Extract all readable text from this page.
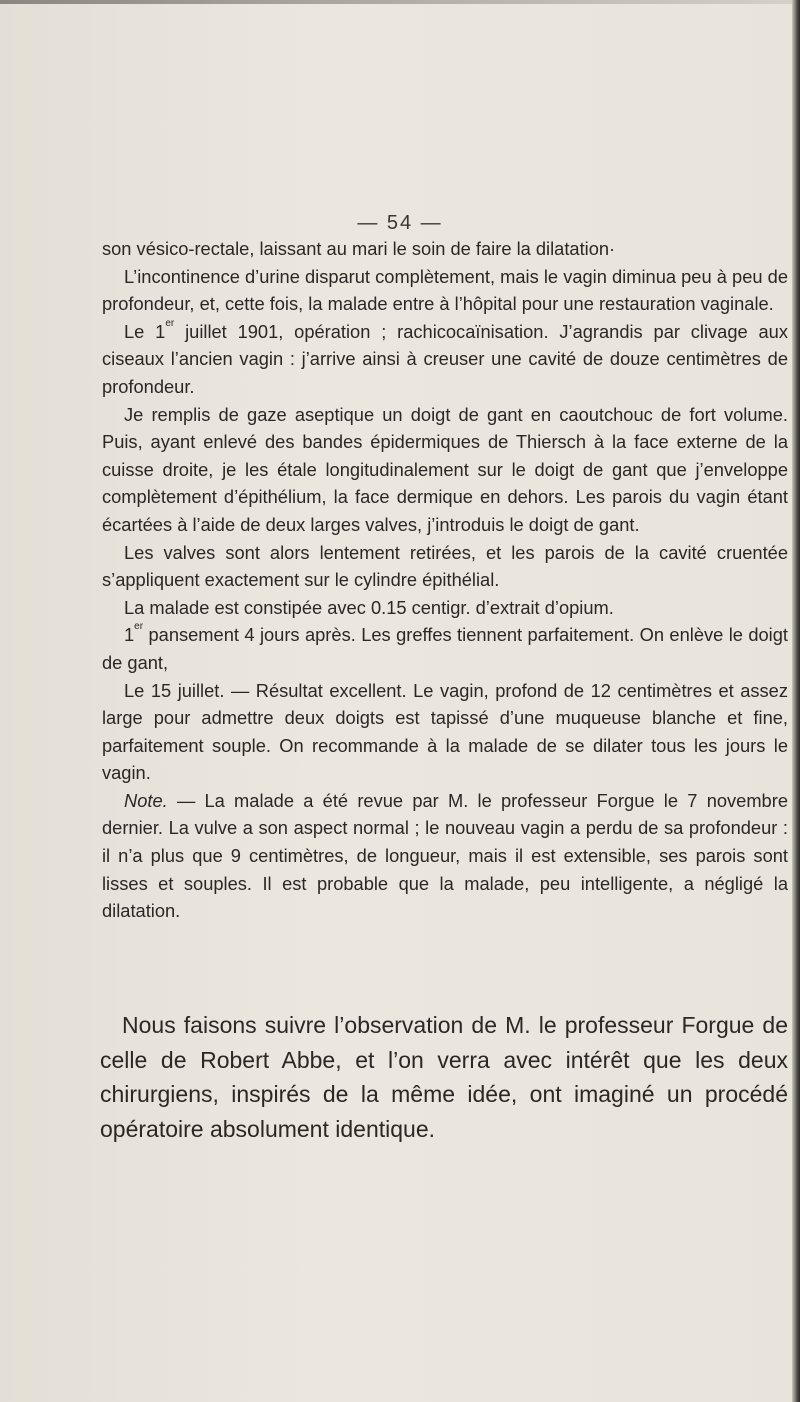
— 54 —

son vésico-rectale, laissant au mari le soin de faire la dilatation·

L’incontinence d’urine disparut complètement, mais le vagin diminua peu à peu de profondeur, et, cette fois, la malade entre à l’hôpital pour une restauration vaginale.

Le 1er juillet 1901, opération ; rachicocaïnisation. J’agrandis par clivage aux ciseaux l’ancien vagin : j’arrive ainsi à creuser une cavité de douze centimètres de profondeur.

Je remplis de gaze aseptique un doigt de gant en caoutchouc de fort volume. Puis, ayant enlevé des bandes épidermiques de Thiersch à la face externe de la cuisse droite, je les étale longitudinalement sur le doigt de gant que j’enveloppe complètement d’épithélium, la face dermique en dehors. Les parois du vagin étant écartées à l’aide de deux larges valves, j’introduis le doigt de gant.

Les valves sont alors lentement retirées, et les parois de la cavité cruentée s’appliquent exactement sur le cylindre épithélial.

La malade est constipée avec 0.15 centigr. d’extrait d’opium.

1er pansement 4 jours après. Les greffes tiennent parfaitement. On enlève le doigt de gant,

Le 15 juillet. — Résultat excellent. Le vagin, profond de 12 centimètres et assez large pour admettre deux doigts est tapissé d’une muqueuse blanche et fine, parfaitement souple. On recommande à la malade de se dilater tous les jours le vagin.

Note. — La malade a été revue par M. le professeur Forgue le 7 novembre dernier. La vulve a son aspect normal ; le nouveau vagin a perdu de sa profondeur : il n’a plus que 9 centimètres, de longueur, mais il est extensible, ses parois sont lisses et souples. Il est probable que la malade, peu intelligente, a négligé la dilatation.

Nous faisons suivre l’observation de M. le professeur Forgue de celle de Robert Abbe, et l’on verra avec intérêt que les deux chirurgiens, inspirés de la même idée, ont imaginé un procédé opératoire absolument identique.
